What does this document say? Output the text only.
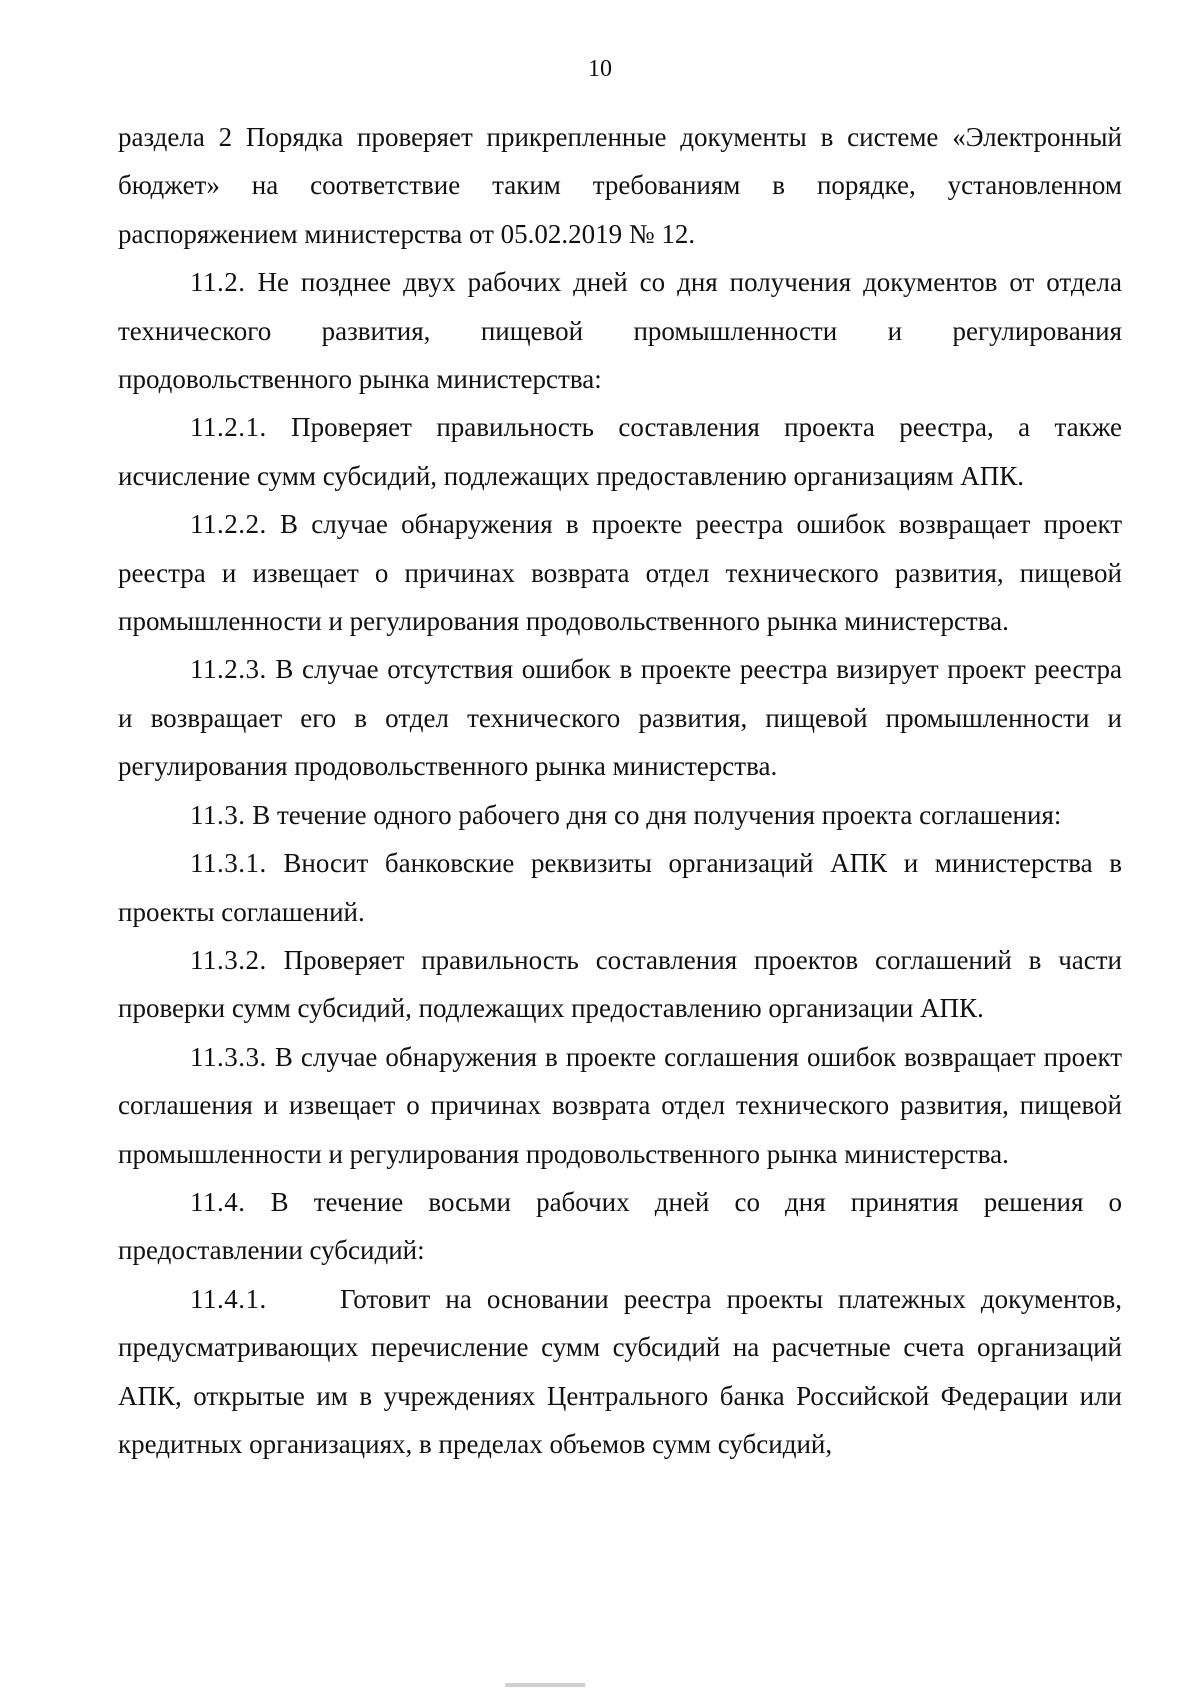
10

раздела 2 Порядка проверяет прикрепленные документы в системе «Электронный бюджет» на соответствие таким требованиям в порядке, установленном распоряжением министерства от 05.02.2019 № 12.

11.2. Не позднее двух рабочих дней со дня получения документов от отдела технического развития, пищевой промышленности и регулирования продовольственного рынка министерства:

11.2.1. Проверяет правильность составления проекта реестра, а также исчисление сумм субсидий, подлежащих предоставлению организациям АПК.

11.2.2. В случае обнаружения в проекте реестра ошибок возвращает проект реестра и извещает о причинах возврата отдел технического развития, пищевой промышленности и регулирования продовольственного рынка министерства.

11.2.3. В случае отсутствия ошибок в проекте реестра визирует проект реестра и возвращает его в отдел технического развития, пищевой промышленности и регулирования продовольственного рынка министерства.

11.3. В течение одного рабочего дня со дня получения проекта соглашения:

11.3.1. Вносит банковские реквизиты организаций АПК и министерства в проекты соглашений.

11.3.2. Проверяет правильность составления проектов соглашений в части проверки сумм субсидий, подлежащих предоставлению организации АПК.

11.3.3. В случае обнаружения в проекте соглашения ошибок возвращает проект соглашения и извещает о причинах возврата отдел технического развития, пищевой промышленности и регулирования продовольственного рынка министерства.

11.4. В течение восьми рабочих дней со дня принятия решения о предоставлении субсидий:

11.4.1.	Готовит на основании реестра проекты платежных документов, предусматривающих перечисление сумм субсидий на расчетные счета организаций АПК, открытые им в учреждениях Центрального банка Российской Федерации или кредитных организациях, в пределах объемов сумм субсидий,
